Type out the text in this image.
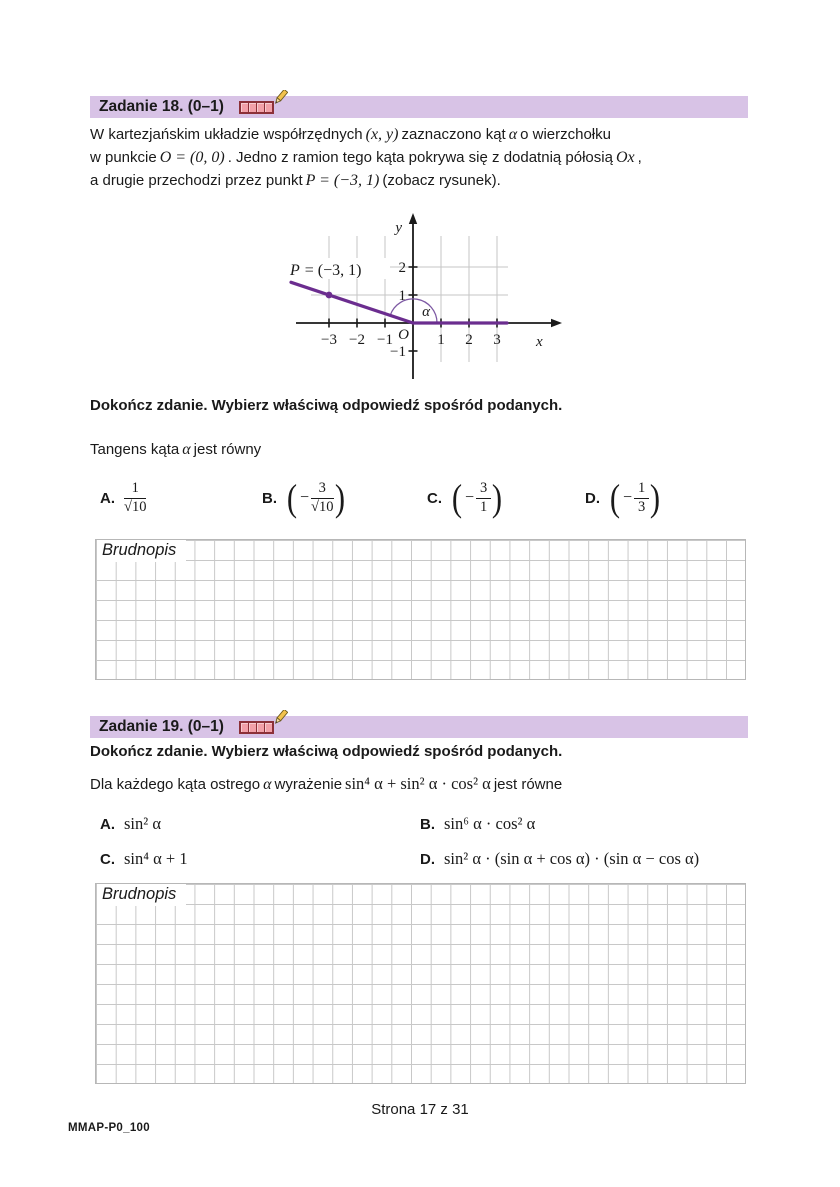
Zadanie 18. (0–1)
W kartezjańskim układzie współrzędnych (x, y) zaznaczono kąt α o wierzchołku
w punkcie O = (0, 0) . Jedno z ramion tego kąta pokrywa się z dodatnią półosią Ox ,
a drugie przechodzi przez punkt P = (−3, 1) (zobacz rysunek).
P = (−3, 1)
y
x
O
α
−3 −2 −1	1 2 3
2
1
−1

Dokończ zdanie. Wybierz właściwą odpowiedź spośród podanych.

Tangens kąta α jest równy

A. $\frac{1}{√10}$	B. ( − $\frac{3}{√10}$ )	C. ( − $\frac{3}{1}$ )	D. ( − $\frac{1}{3}$ )
Brudnopis
Zadanie 19. (0–1)

Dokończ zdanie. Wybierz właściwą odpowiedź spośród podanych.

Dla każdego kąta ostrego α wyrażenie sin⁴ α + sin² α · cos² α jest równe

A. sin² α	B. sin⁶ α · cos² α
C. sin⁴ α + 1	D. sin² α · (sin α + cos α) · (sin α − cos α)
Brudnopis
Strona 17 z 31
MMAP-P0_100
